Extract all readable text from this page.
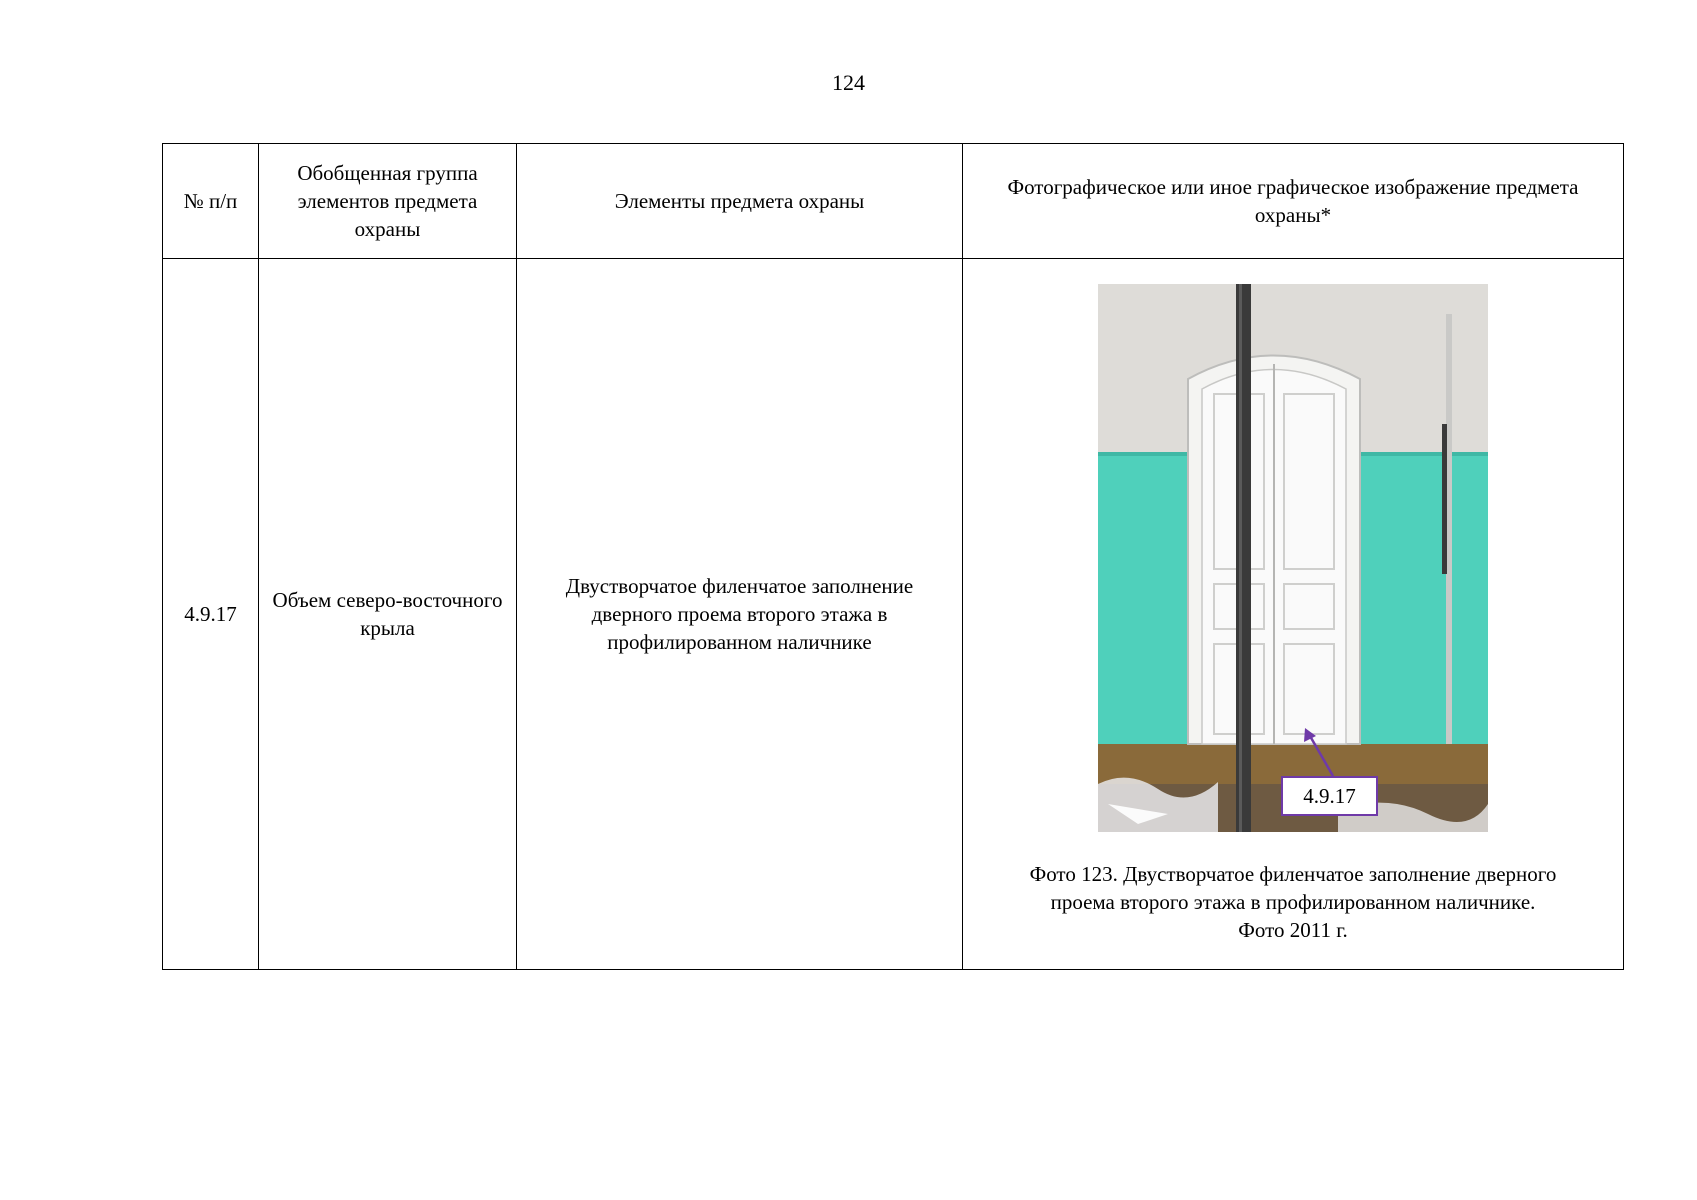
124
№ п/п	Обобщенная группа элементов предмета охраны	Элементы предмета охраны	Фотографическое или иное графическое изображение предмета охраны*
4.9.17	Объем северо-восточного крыла	Двустворчатое филенчатое заполнение дверного проема второго этажа в профилированном наличнике	4.9.17
Фото 123. Двустворчатое филенчатое заполнение дверного
проема второго этажа в профилированном наличнике.
Фото 2011 г.
